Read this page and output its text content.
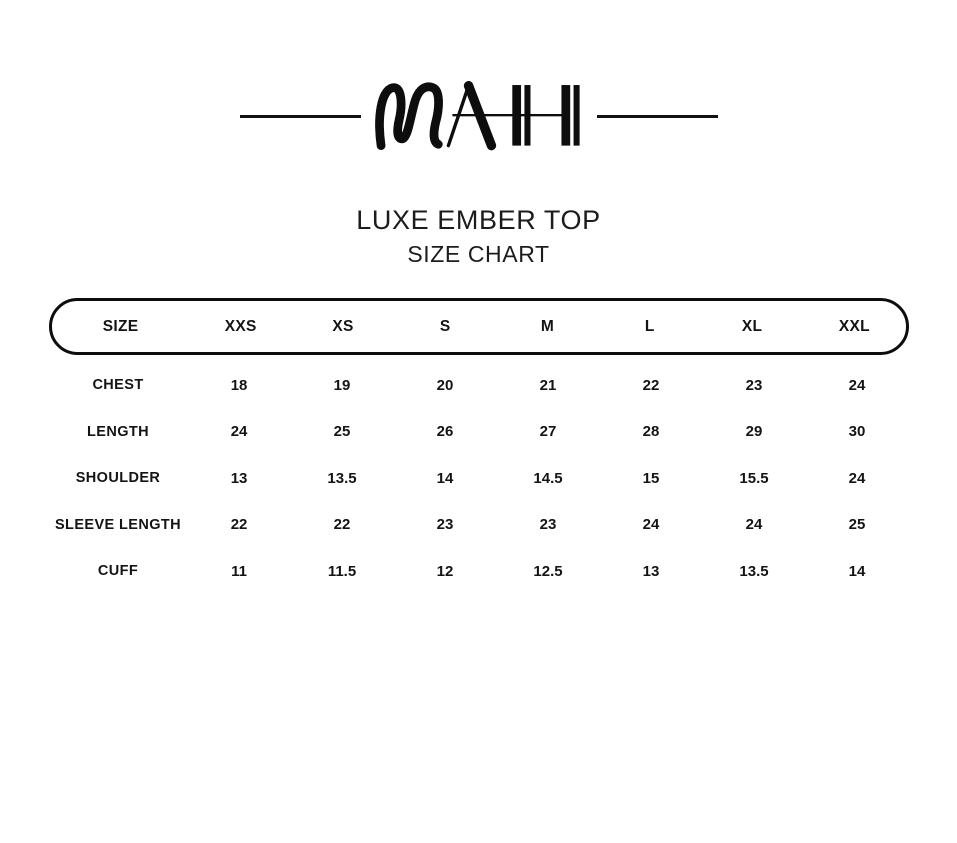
LUXE EMBER TOP
SIZE CHART
SIZE	XXS	XS	S	M	L	XL	XXL
CHEST	18	19	20	21	22	23	24
LENGTH	24	25	26	27	28	29	30
SHOULDER	13	13.5	14	14.5	15	15.5	24
SLEEVE LENGTH	22	22	23	23	24	24	25
CUFF	11	11.5	12	12.5	13	13.5	14
